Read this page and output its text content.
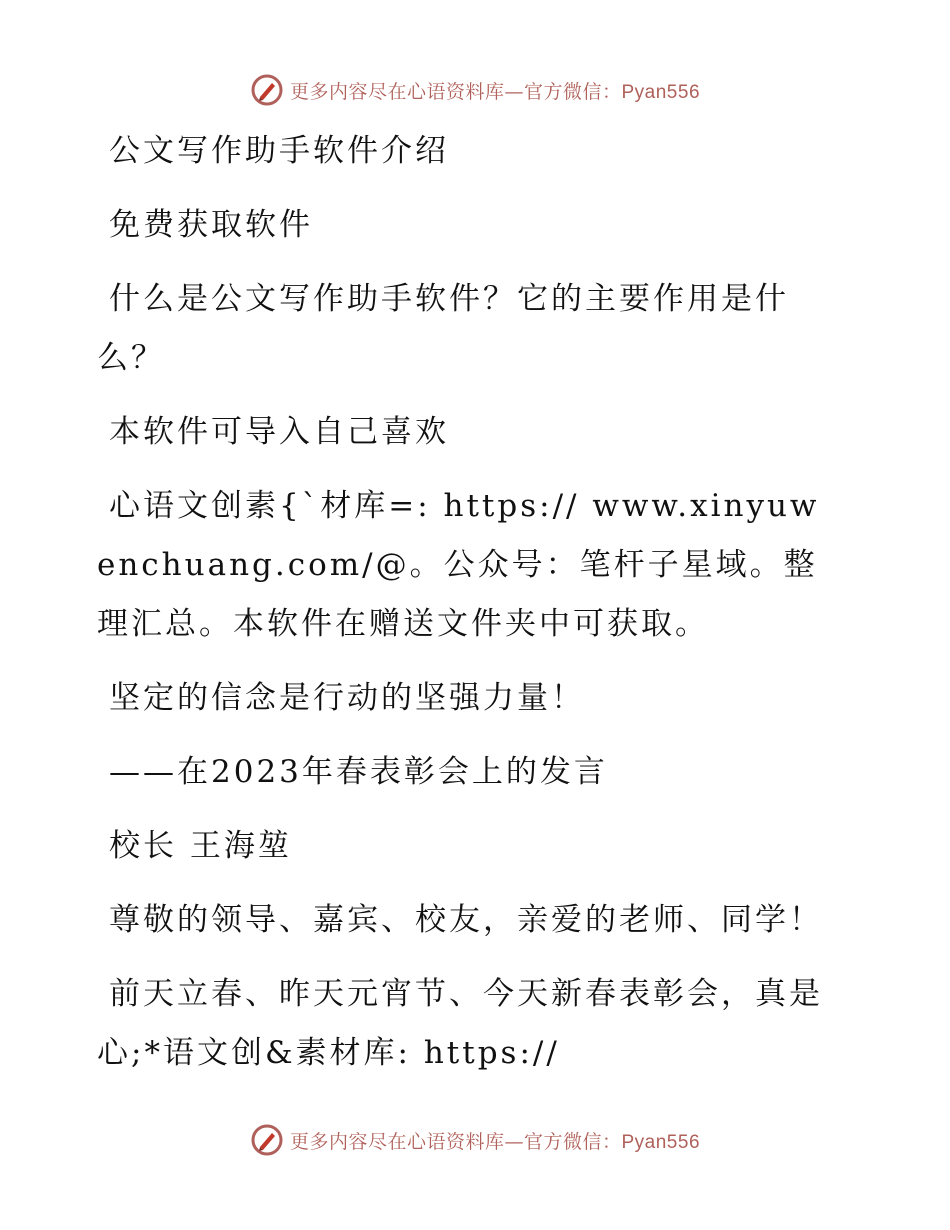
更多内容尽在心语资料库—官方微信：Pyan556

公文写作助手软件介绍

免费获取软件

什么是公文写作助手软件？它的主要作用是什么？

本软件可导入自己喜欢

心语文创素{`材库=: https:// www.xinyuwenchuang.com/@。公众号：笔杆子星域。整理汇总。本软件在赠送文件夹中可获取。

坚定的信念是行动的坚强力量！

——在2023年春表彰会上的发言

校长 王海堃

尊敬的领导、嘉宾、校友，亲爱的老师、同学！

前天立春、昨天元宵节、今天新春表彰会，真是心;*语文创&素材库: https://

更多内容尽在心语资料库—官方微信：Pyan556
